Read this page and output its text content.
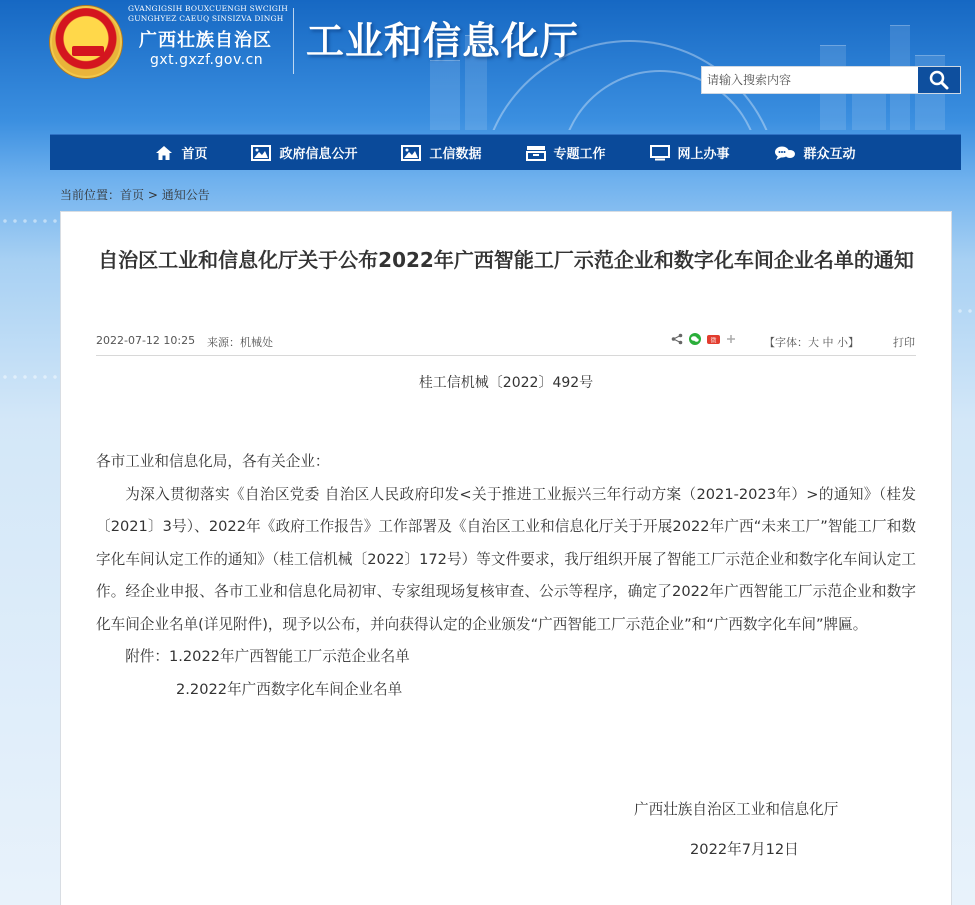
★
GVANGIGSIH BOUXCUENGH SWCIGIH
GUNGHYEZ CAEUQ SINSIZVA DINGH
广西壮族自治区
gxt.gxzf.gov.cn 工业和信息化厅
请输入搜索内容
首页	政府信息公开	工信数据	专题工作	网上办事	群众互动
当前位置：首页 > 通知公告
自治区工业和信息化厅关于公布2022年广西智能工厂示范企业和数字化车间企业名单的通知
2022-07-12 10:25 来源：机械处	微	【字体：大 中 小】	打印
桂工信机械〔2022〕492号

各市工业和信息化局，各有关企业：

为深入贯彻落实《自治区党委 自治区人民政府印发<关于推进工业振兴三年行动方案（2021-2023年）>的通知》（桂发〔2021〕3号）、2022年《政府工作报告》工作部署及《自治区工业和信息化厅关于开展2022年广西“未来工厂”智能工厂和数字化车间认定工作的通知》（桂工信机械〔2022〕172号）等文件要求，我厅组织开展了智能工厂示范企业和数字化车间认定工作。经企业申报、各市工业和信息化局初审、专家组现场复核审查、公示等程序，确定了2022年广西智能工厂示范企业和数字化车间企业名单(详见附件)，现予以公布，并向获得认定的企业颁发“广西智能工厂示范企业”和“广西数字化车间”牌匾。

附件：1.2022年广西智能工厂示范企业名单

2.2022年广西数字化车间企业名单

广西壮族自治区工业和信息化厅
2022年7月12日
